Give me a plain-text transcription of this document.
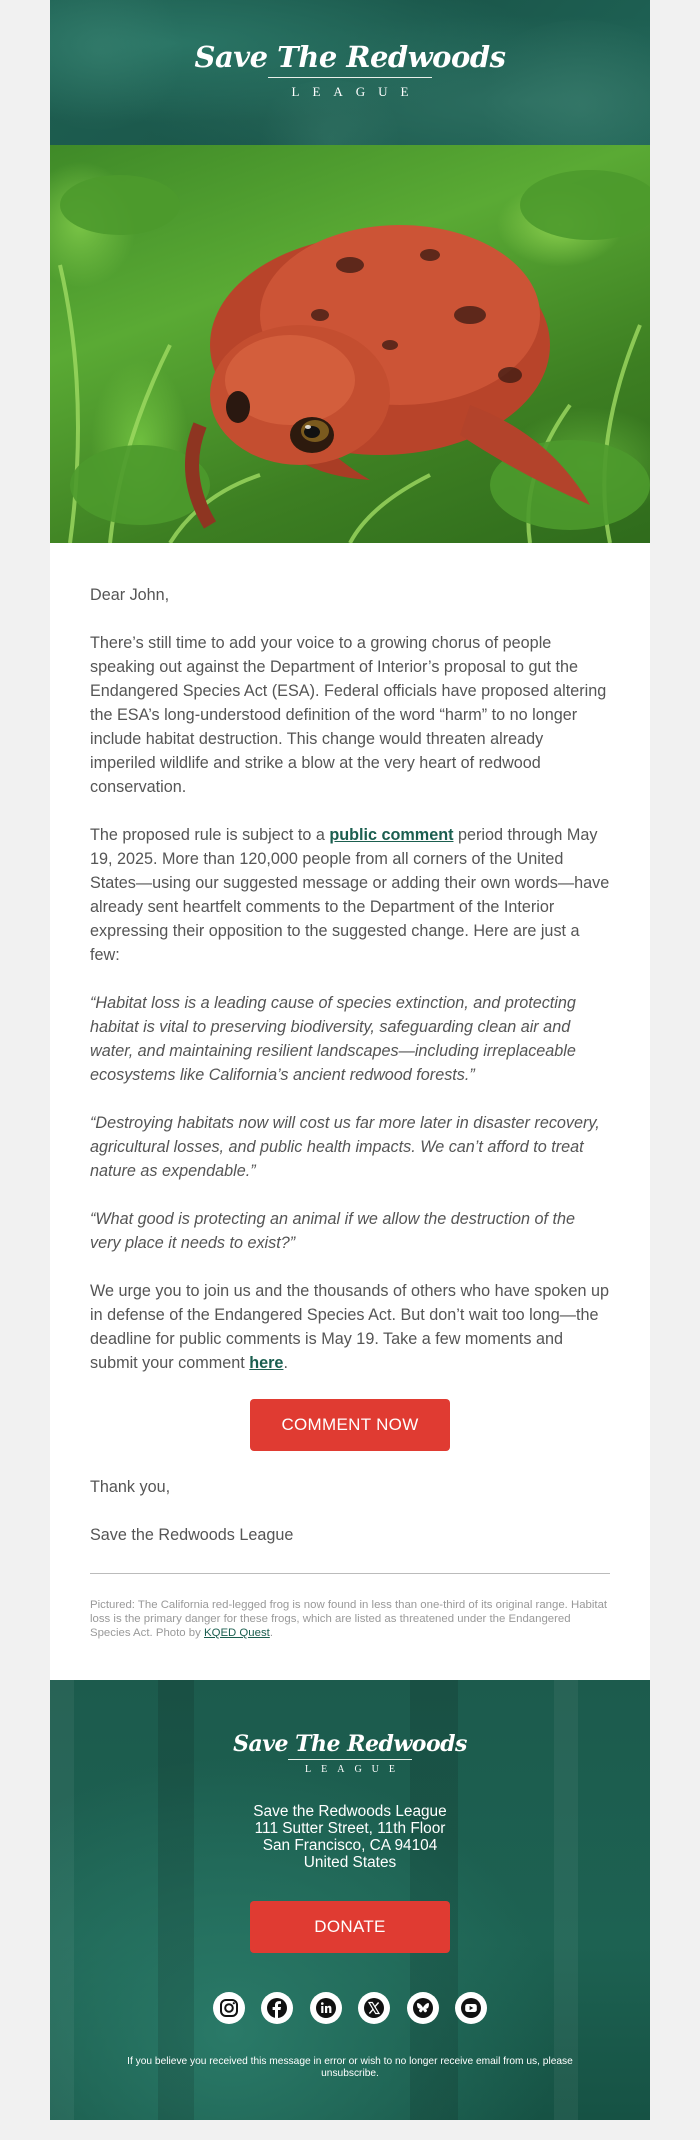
Save The Redwoods
LEAGUE

Dear John,

There’s still time to add your voice to a growing chorus of people speaking out against the Department of Interior’s proposal to gut the Endangered Species Act (ESA). Federal officials have proposed altering the ESA’s long-understood definition of the word “harm” to no longer include habitat destruction. This change would threaten already imperiled wildlife and strike a blow at the very heart of redwood conservation.

The proposed rule is subject to a public comment period through May 19, 2025. More than 120,000 people from all corners of the United States—using our suggested message or adding their own words—have already sent heartfelt comments to the Department of the Interior expressing their opposition to the suggested change. Here are just a few:

“Habitat loss is a leading cause of species extinction, and protecting habitat is vital to preserving biodiversity, safeguarding clean air and water, and maintaining resilient landscapes—including irreplaceable ecosystems like California’s ancient redwood forests.”

“Destroying habitats now will cost us far more later in disaster recovery, agricultural losses, and public health impacts. We can’t afford to treat nature as expendable.”

“What good is protecting an animal if we allow the destruction of the very place it needs to exist?”

We urge you to join us and the thousands of others who have spoken up in defense of the Endangered Species Act. But don’t wait too long—the deadline for public comments is May 19. Take a few moments and submit your comment here.

COMMENT NOW

Thank you,

Save the Redwoods League

Pictured: The California red-legged frog is now found in less than one-third of its original range. Habitat loss is the primary danger for these frogs, which are listed as threatened under the Endangered Species Act. Photo by KQED Quest.
Save The Redwoods
LEAGUE
Save the Redwoods League
111 Sutter Street, 11th Floor
San Francisco, CA 94104
United States
DONATE

If you believe you received this message in error or wish to no longer receive email from us, please unsubscribe.
